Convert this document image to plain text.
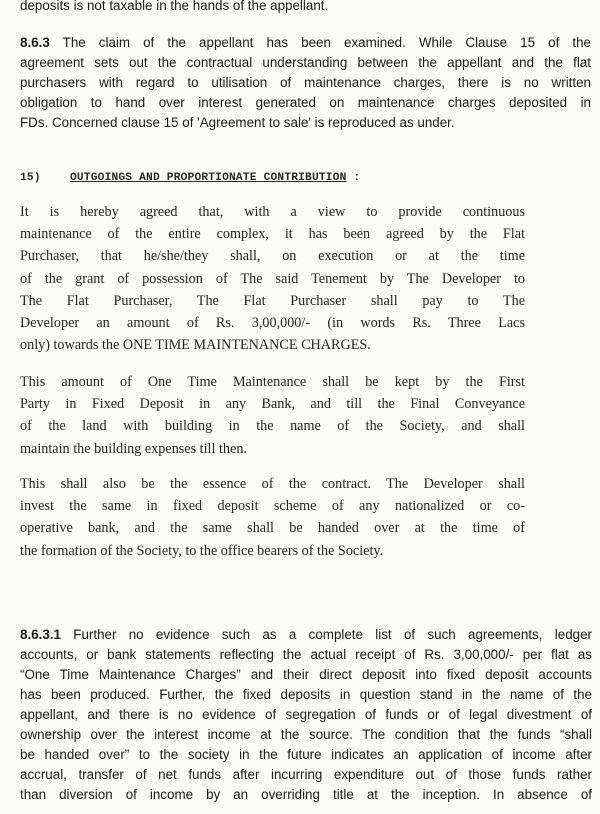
deposits is not taxable in the hands of the appellant.

8.6.3 The claim of the appellant has been examined. While Clause 15 of the
agreement sets out the contractual understanding between the appellant and the flat
purchasers with regard to utilisation of maintenance charges, there is no written
obligation to hand over interest generated on maintenance charges deposited in
FDs. Concerned clause 15 of 'Agreement to sale' is reproduced as under.
15)	OUTGOINGS AND PROPORTIONATE CONTRIBUTION :
It is hereby agreed that, with a view to provide continuous
maintenance of the entire complex, it has been agreed by the Flat
Purchaser, that he/she/they shall, on execution or at the time
of the grant of possession of The said Tenement by The Developer to
The Flat Purchaser, The Flat Purchaser shall pay to The
Developer an amount of Rs. 3,00,000/- (in words Rs. Three Lacs
only) towards the ONE TIME MAINTENANCE CHARGES.
This amount of One Time Maintenance shall be kept by the First
Party in Fixed Deposit in any Bank, and till the Final Conveyance
of the land with building in the name of the Society, and shall
maintain the building expenses till then.
This shall also be the essence of the contract. The Developer shall
invest the same in fixed deposit scheme of any nationalized or co-
operative bank, and the same shall be handed over at the time of
the formation of the Society, to the office bearers of the Society.
8.6.3.1 Further no evidence such as a complete list of such agreements, ledger
accounts, or bank statements reflecting the actual receipt of Rs. 3,00,000/- per flat as
“One Time Maintenance Charges” and their direct deposit into fixed deposit accounts
has been produced. Further, the fixed deposits in question stand in the name of the
appellant, and there is no evidence of segregation of funds or of legal divestment of
ownership over the interest income at the source. The condition that the funds “shall
be handed over” to the society in the future indicates an application of income after
accrual, transfer of net funds after incurring expenditure out of those funds rather
than diversion of income by an overriding title at the inception. In absence of
